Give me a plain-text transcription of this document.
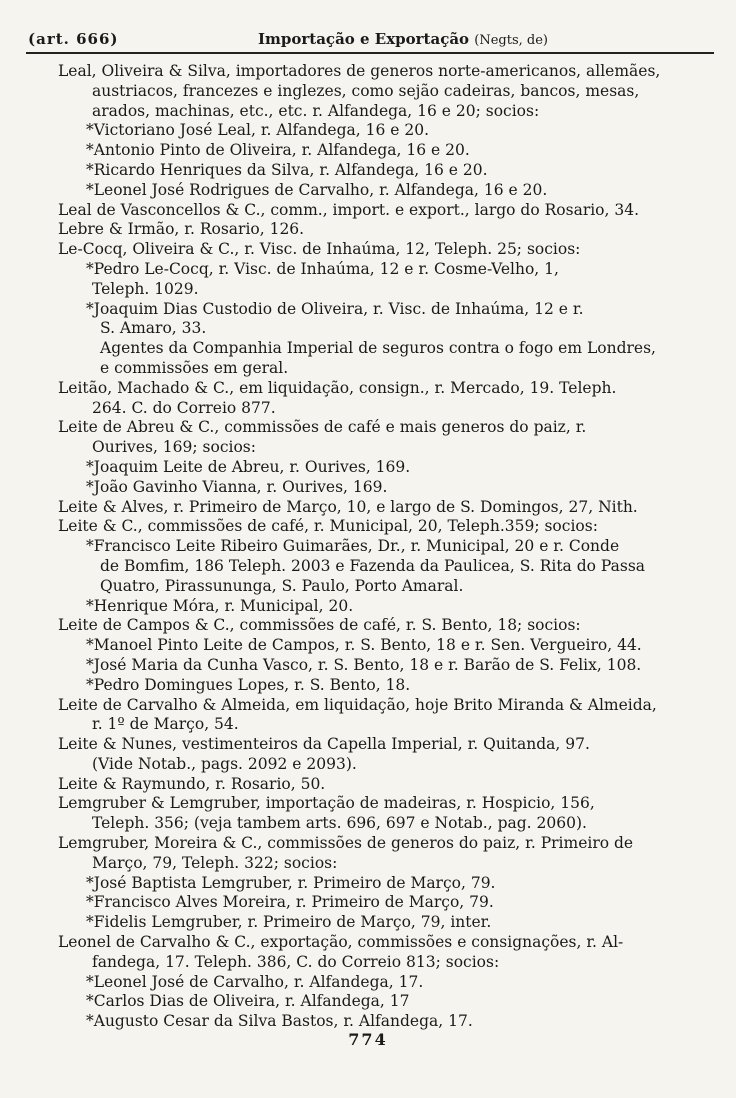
(art. 666)	Importação e Exportação (Negts, de)
Leal, Oliveira & Silva, importadores de generos norte-americanos, allemães,
austriacos, francezes e inglezes, como sejão cadeiras, bancos, mesas,
arados, machinas, etc., etc. r. Alfandega, 16 e 20; socios:
*Victoriano José Leal, r. Alfandega, 16 e 20.
*Antonio Pinto de Oliveira, r. Alfandega, 16 e 20.
*Ricardo Henriques da Silva, r. Alfandega, 16 e 20.
*Leonel José Rodrigues de Carvalho, r. Alfandega, 16 e 20.
Leal de Vasconcellos & C., comm., import. e export., largo do Rosario, 34.
Lebre & Irmão, r. Rosario, 126.
Le-Cocq, Oliveira & C., r. Visc. de Inhaúma, 12, Teleph. 25; socios:
*Pedro Le-Cocq, r. Visc. de Inhaúma, 12 e r. Cosme-Velho, 1,
Teleph. 1029.
*Joaquim Dias Custodio de Oliveira, r. Visc. de Inhaúma, 12 e r.
S. Amaro, 33.
Agentes da Companhia Imperial de seguros contra o fogo em Londres,
e commissões em geral.
Leitão, Machado & C., em liquidação, consign., r. Mercado, 19. Teleph.
264. C. do Correio 877.
Leite de Abreu & C., commissões de café e mais generos do paiz, r.
Ourives, 169; socios:
*Joaquim Leite de Abreu, r. Ourives, 169.
*João Gavinho Vianna, r. Ourives, 169.
Leite & Alves, r. Primeiro de Março, 10, e largo de S. Domingos, 27, Nith.
Leite & C., commissões de café, r. Municipal, 20, Teleph.359; socios:
*Francisco Leite Ribeiro Guimarães, Dr., r. Municipal, 20 e r. Conde
de Bomfim, 186 Teleph. 2003 e Fazenda da Paulicea, S. Rita do Passa
Quatro, Pirassununga, S. Paulo, Porto Amaral.
*Henrique Móra, r. Municipal, 20.
Leite de Campos & C., commissões de café, r. S. Bento, 18; socios:
*Manoel Pinto Leite de Campos, r. S. Bento, 18 e r. Sen. Vergueiro, 44.
*José Maria da Cunha Vasco, r. S. Bento, 18 e r. Barão de S. Felix, 108.
*Pedro Domingues Lopes, r. S. Bento, 18.
Leite de Carvalho & Almeida, em liquidação, hoje Brito Miranda & Almeida,
r. 1º de Março, 54.
Leite & Nunes, vestimenteiros da Capella Imperial, r. Quitanda, 97.
(Vide Notab., pags. 2092 e 2093).
Leite & Raymundo, r. Rosario, 50.
Lemgruber & Lemgruber, importação de madeiras, r. Hospicio, 156,
Teleph. 356; (veja tambem arts. 696, 697 e Notab., pag. 2060).
Lemgruber, Moreira & C., commissões de generos do paiz, r. Primeiro de
Março, 79, Teleph. 322; socios:
*José Baptista Lemgruber, r. Primeiro de Março, 79.
*Francisco Alves Moreira, r. Primeiro de Março, 79.
*Fidelis Lemgruber, r. Primeiro de Março, 79, inter.
Leonel de Carvalho & C., exportação, commissões e consignações, r. Al-
fandega, 17. Teleph. 386, C. do Correio 813; socios:
*Leonel José de Carvalho, r. Alfandega, 17.
*Carlos Dias de Oliveira, r. Alfandega, 17
*Augusto Cesar da Silva Bastos, r. Alfandega, 17.
774
